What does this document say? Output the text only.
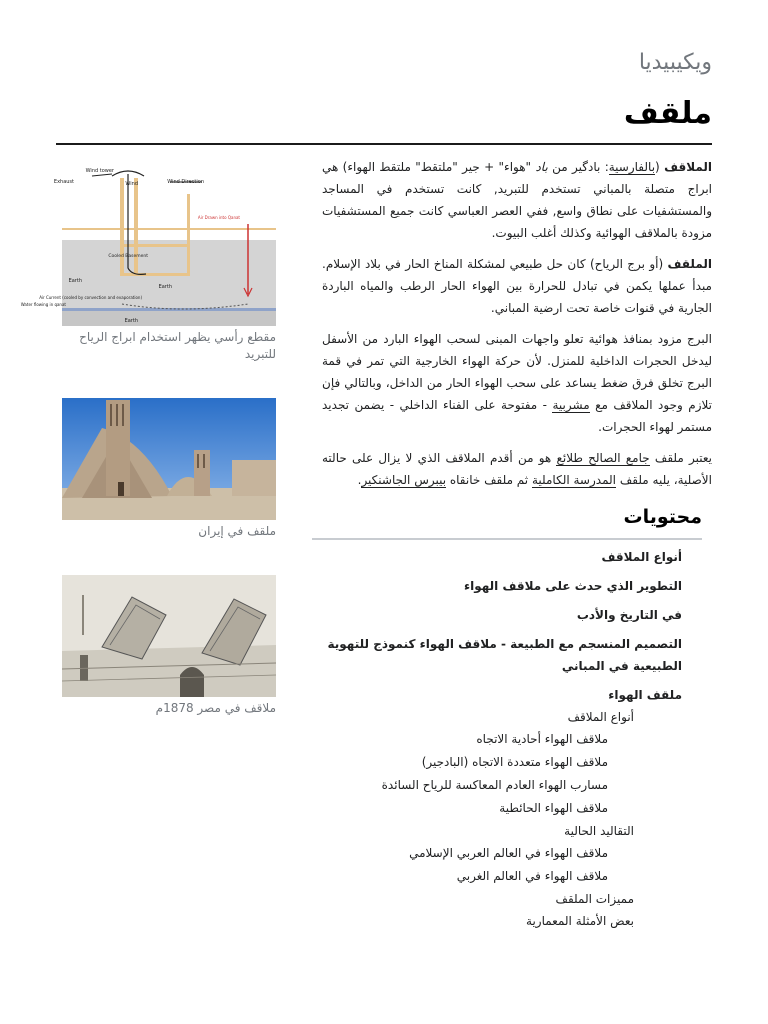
ويكيبيديا
ملقف

الملاقف (بالفارسية: بادگير من باد "هواء" + جير "ملتقط" ملتقط الهواء) هي ابراج متصلة بالمباني تستخدم للتبريد, كانت تستخدم في المساجد والمستشفيات على نطاق واسع, ففي العصر العباسي كانت جميع المستشفيات مزودة بالملاقف الهوائية وكذلك أغلب البيوت.

الملقف (أو برج الرياح) كان حل طبيعي لمشكلة المناخ الحار في بلاد الإسلام. مبدأ عملها يكمن في تبادل للحرارة بين الهواء الحار الرطب والمياه الباردة الجارية في قنوات خاصة تحت ارضية المباني.

البرج مزود بمنافذ هوائية تعلو واجهات المبنى لسحب الهواء البارد من الأسفل ليدخل الحجرات الداخلية للمنزل. لأن حركة الهواء الخارجية التي تمر في قمة البرج تخلق فرق ضغط يساعد على سحب الهواء الحار من الداخل، وبالتالي فإن تلازم وجود الملاقف مع مشربية - مفتوحة على الفناء الداخلي - يضمن تجديد مستمر لهواء الحجرات.

يعتبر ملقف جامع الصالح طلائع هو من أقدم الملاقف الذي لا يزال على حالته الأصلية، يليه ملقف المدرسة الكاملية ثم ملقف خانقاه بيبرس الجاشنكير.

Wind tower
Exhaust	Wind	Wind Direction
Air Drawn into Qanat
Cooled Basement
Earth
Earth
Air Current (cooled by convection and evaporation)
Water flowing in qanat
Earth
مقطع رأسي يظهر استخدام ابراج الرياح للتبريد
ملقف في إيران
ملاقف في مصر 1878م
محتويات
أنواع الملاقف
التطوير الذي حدث على ملاقف الهواء
في التاريخ والأدب
التصميم المنسجم مع الطبيعة - ملاقف الهواء كنموذج للتهوية الطبيعية في المباني
ملقف الهواء
أنواع الملاقف
ملاقف الهواء أحادية الاتجاه
ملاقف الهواء متعددة الاتجاه (البادجير)
مسارب الهواء العادم المعاكسة للرياح السائدة
ملاقف الهواء الحائطية
التقاليد الحالية
ملاقف الهواء في العالم العربي الإسلامي
ملاقف الهواء في العالم الغربي
مميزات الملقف
بعض الأمثلة المعمارية
